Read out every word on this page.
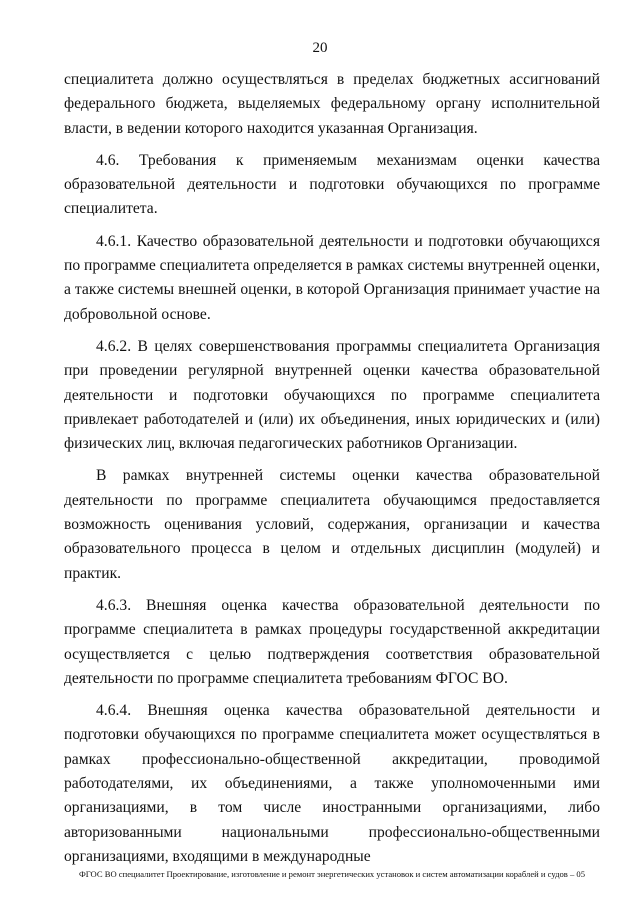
20

специалитета должно осуществляться в пределах бюджетных ассигнований федерального бюджета, выделяемых федеральному органу исполнительной власти, в ведении которого находится указанная Организация.

4.6. Требования к применяемым механизмам оценки качества образовательной деятельности и подготовки обучающихся по программе специалитета.

4.6.1. Качество образовательной деятельности и подготовки обучающихся по программе специалитета определяется в рамках системы внутренней оценки, а также системы внешней оценки, в которой Организация принимает участие на добровольной основе.

4.6.2. В целях совершенствования программы специалитета Организация при проведении регулярной внутренней оценки качества образовательной деятельности и подготовки обучающихся по программе специалитета привлекает работодателей и (или) их объединения, иных юридических и (или) физических лиц, включая педагогических работников Организации.

В рамках внутренней системы оценки качества образовательной деятельности по программе специалитета обучающимся предоставляется возможность оценивания условий, содержания, организации и качества образовательного процесса в целом и отдельных дисциплин (модулей) и практик.

4.6.3. Внешняя оценка качества образовательной деятельности по программе специалитета в рамках процедуры государственной аккредитации осуществляется с целью подтверждения соответствия образовательной деятельности по программе специалитета требованиям ФГОС ВО.

4.6.4. Внешняя оценка качества образовательной деятельности и подготовки обучающихся по программе специалитета может осуществляться в рамках профессионально-общественной аккредитации, проводимой работодателями, их объединениями, а также уполномоченными ими организациями, в том числе иностранными организациями, либо авторизованными национальными профессионально-общественными организациями, входящими в международные

ФГОС ВО специалитет Проектирование, изготовление и ремонт энергетических установок и систем автоматизации кораблей и судов – 05
